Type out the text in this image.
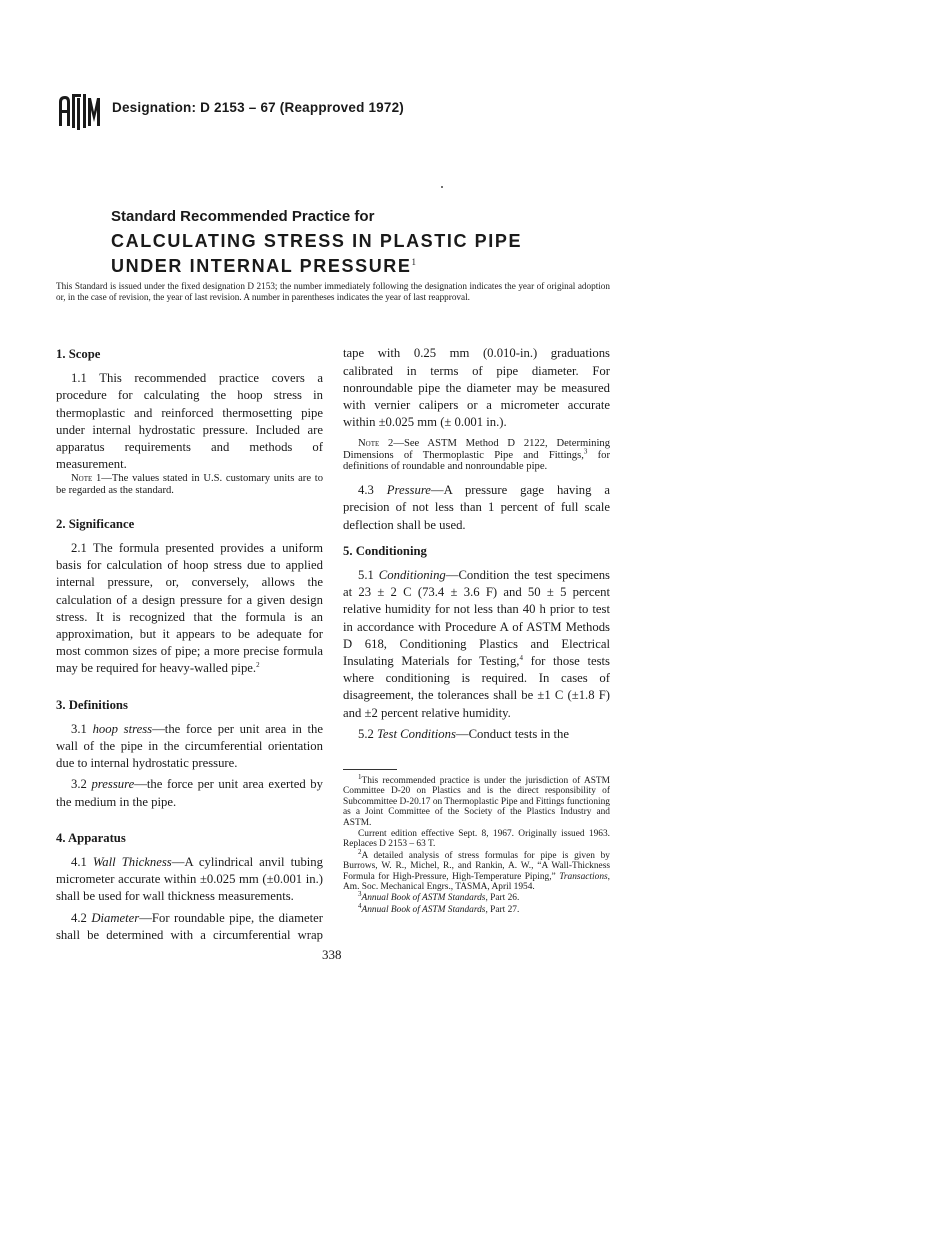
Designation: D 2153 – 67 (Reapproved 1972)
Standard Recommended Practice for
CALCULATING STRESS IN PLASTIC PIPE
UNDER INTERNAL PRESSURE$^1$
This Standard is issued under the fixed designation D 2153; the number immediately following the designation indicates the year of original adoption or, in the case of revision, the year of last revision. A number in parentheses indicates the year of last reapproval.
1. Scope

1.1 This recommended practice covers a procedure for calculating the hoop stress in thermoplastic and reinforced thermosetting pipe under internal hydrostatic pressure. Included are apparatus requirements and methods of measurement.

Note 1—The values stated in U.S. customary units are to be regarded as the standard.

2. Significance

2.1 The formula presented provides a uniform basis for calculation of hoop stress due to applied internal pressure, or, conversely, allows the calculation of a design pressure for a given design stress. It is recognized that the formula is an approximation, but it appears to be adequate for most common sizes of pipe; a more precise formula may be required for heavy-walled pipe.$^2$

3. Definitions

3.1 hoop stress—the force per unit area in the wall of the pipe in the circumferential orientation due to internal hydrostatic pressure.

3.2 pressure—the force per unit area exerted by the medium in the pipe.

4. Apparatus

4.1 Wall Thickness—A cylindrical anvil tubing micrometer accurate within ±0.025 mm (±0.001 in.) shall be used for wall thickness measurements.

4.2 Diameter—For roundable pipe, the diameter shall be determined with a circumferential wrap

tape with 0.25 mm (0.010-in.) graduations calibrated in terms of pipe diameter. For nonroundable pipe the diameter may be measured with vernier calipers or a micrometer accurate within ±0.025 mm (± 0.001 in.).

Note 2—See ASTM Method D 2122, Determining Dimensions of Thermoplastic Pipe and Fittings,$^3$ for definitions of roundable and nonroundable pipe.

4.3 Pressure—A pressure gage having a precision of not less than 1 percent of full scale deflection shall be used.

5. Conditioning

5.1 Conditioning—Condition the test specimens at 23 ± 2 C (73.4 ± 3.6 F) and 50 ± 5 percent relative humidity for not less than 40 h prior to test in accordance with Procedure A of ASTM Methods D 618, Conditioning Plastics and Electrical Insulating Materials for Testing,$^4$ for those tests where conditioning is required. In cases of disagreement, the tolerances shall be ±1 C (±1.8 F) and ±2 percent relative humidity.

5.2 Test Conditions—Conduct tests in the

$^1$This recommended practice is under the jurisdiction of ASTM Committee D-20 on Plastics and is the direct responsibility of Subcommittee D-20.17 on Thermoplastic Pipe and Fittings functioning as a Joint Committee of the Society of the Plastics Industry and ASTM.

Current edition effective Sept. 8, 1967. Originally issued 1963. Replaces D 2153 – 63 T.

$^2$A detailed analysis of stress formulas for pipe is given by Burrows, W. R., Michel, R., and Rankin, A. W., “A Wall-Thickness Formula for High-Pressure, High-Temperature Piping,” Transactions, Am. Soc. Mechanical Engrs., TASMA, April 1954.

$^3$Annual Book of ASTM Standards, Part 26.

$^4$Annual Book of ASTM Standards, Part 27.

338
